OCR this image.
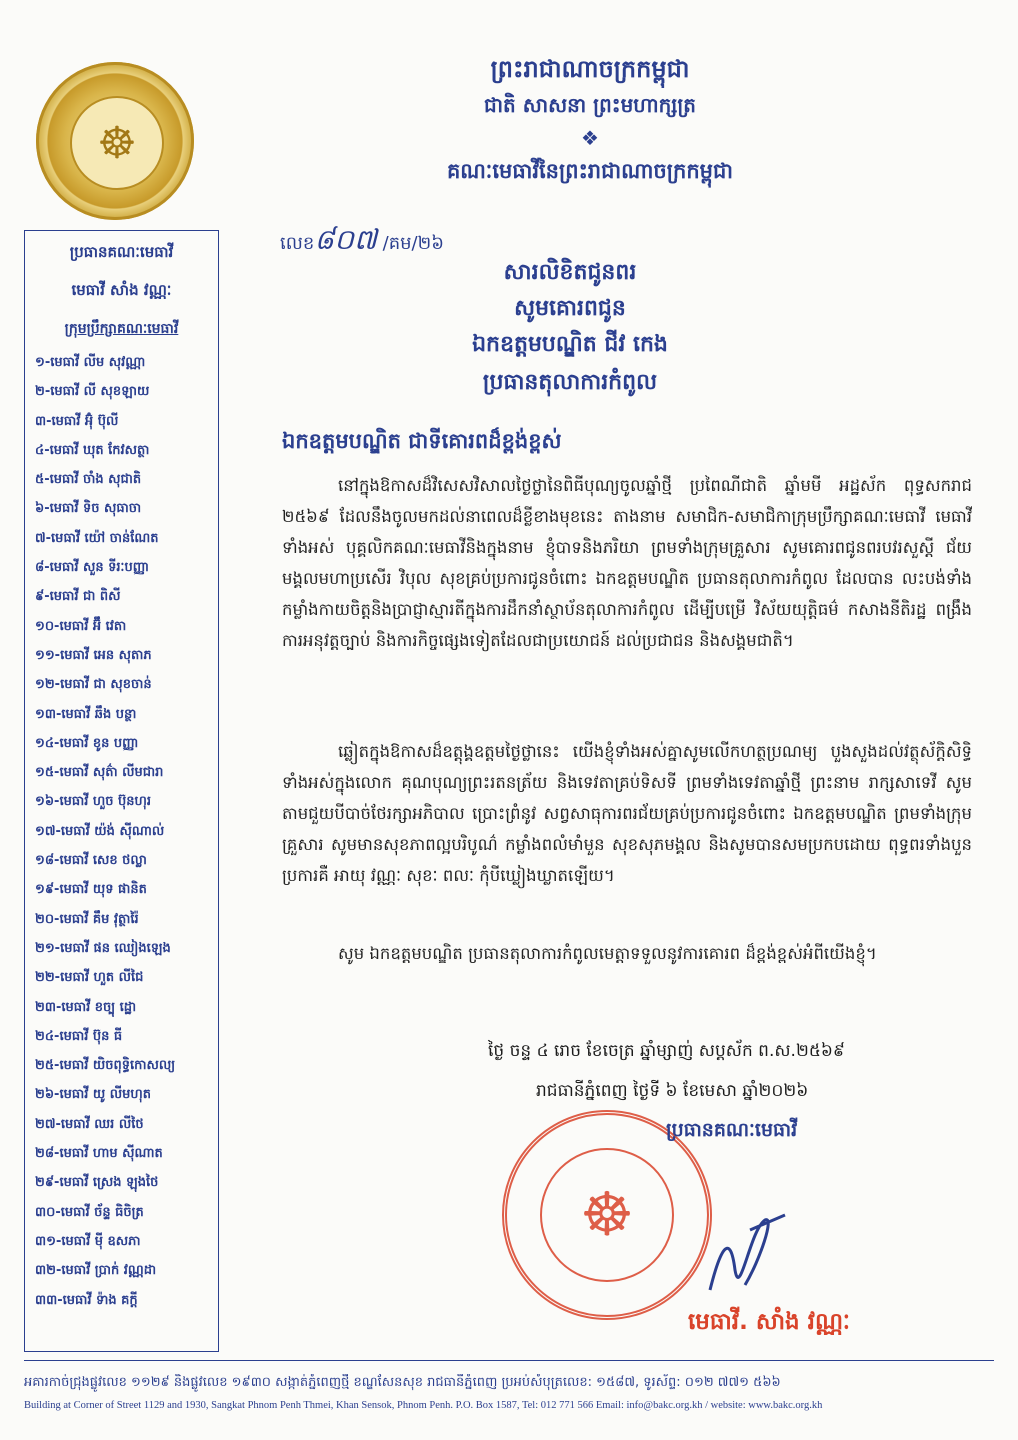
☸
ព្រះរាជាណាចក្រកម្ពុជា
ជាតិ សាសនា ព្រះមហាក្សត្រ
❖
គណៈមេធាវីនៃព្រះរាជាណាចក្រកម្ពុជា
ប្រធានគណៈមេធាវី
មេធាវី សាំង វណ្ណៈ
ក្រុមប្រឹក្សាគណៈមេធាវី
១-មេធាវី លីម សុវណ្ណា
២-មេធាវី លី សុខឡាយ
៣-មេធាវី អ៊ុំ ប៊ុលី
៤-មេធាវី ឃុត កែវសត្ថា
៥-មេធាវី ចាំង សុជាតិ
៦-មេធាវី ទិច សុធាចា
៧-មេធាវី យ៉ៅ ចាន់ណែត
៨-មេធាវី សួន ទីរៈបញ្ញា
៩-មេធាវី ជា ពិសី
១០-មេធាវី អ៊ឹ វេតា
១១-មេធាវី អេន សុតាភ
១២-មេធាវី ជា សុខចាន់
១៣-មេធាវី ឆឹង បន្ថា
១៤-មេធាវី ខូន បញ្ញា
១៥-មេធាវី សុត៌ា លីមជារា
១៦-មេធាវី ហួច ប៊ុនហុរ
១៧-មេធាវី យ៉ង់ ស៊ីណាល់
១៨-មេធាវី សេខ ថល្លា
១៩-មេធាវី យុទ ផានិត
២០-មេធាវី គឹម វុត្ថារ៉ៃ
២១-មេធាវី ផន ឈៀងឡេង
២២-មេធាវី ហួត លីជៃ
២៣-មេធាវី ខច្បុ ដ្ឋោ
២៤-មេធាវី ប៊ុន ធី
២៥-មេធាវី យិចពុទ្ធិកោសល្យ
២៦-មេធាវី យូ លីមហុត
២៧-មេធាវី ឈរ លីថៃ
២៨-មេធាវី ហាម ស៊ីណាត
២៩-មេធាវី ស្រេង ឡុងថៃ
៣០-មេធាវី ច័ន្ទ ធិចិត្រ
៣១-មេធាវី ម៉ី ឧសភា
៣២-មេធាវី ប្រាក់ វណ្ណដា
៣៣-មេធាវី ទ៉ាង គក្តី
លេខ៨០៧ /គម/២៦
សារលិខិតជូនពរ
សូមគោរពជូន
ឯកឧត្តមបណ្ឌិត ជីវ កេង
ប្រធានតុលាការកំពូល
ឯកឧត្តមបណ្ឌិត ជាទីគោរពដ៏ខ្ពង់ខ្ពស់
នៅក្នុងឱកាសដ៏វិសេសវិសាលថ្ងៃថ្លានៃពិធីបុណ្យចូលឆ្នាំថ្មី ប្រពៃណីជាតិ ឆ្នាំមមី អដ្ឋស័ក ពុទ្ធសករាជ ២៥៦៩ ដែលនឹងចូលមកដល់នាពេលដ៏ខ្លីខាងមុខនេះ តាងនាម សមាជិក-សមាជិកាក្រុមប្រឹក្សាគណៈមេធាវី មេធាវីទាំងអស់ បុគ្គលិកគណៈមេធាវីនិងក្នុងនាម ខ្ញុំបាទនិងភរិយា ព្រមទាំងក្រុមគ្រួសារ សូមគោរពជូនពរបវរសួស្តី ជ័យមង្គលមហាប្រសើរ វិបុល សុខគ្រប់ប្រការជូនចំពោះ ឯកឧត្តមបណ្ឌិត ប្រធានតុលាការកំពូល ដែលបាន លះបង់ទាំងកម្លាំងកាយចិត្តនិងប្រាជ្ញាស្មារតីក្នុងការដឹកនាំស្ថាប័នតុលាការកំពូល ដើម្បីបម្រើ វិស័យយុត្តិធម៌ កសាងនីតិរដ្ឋ ពង្រឹងការអនុវត្តច្បាប់ និងការកិច្ចផ្សេងទៀតដែលជាប្រយោជន៍ ដល់ប្រជាជន និងសង្គមជាតិ។
ឆ្លៀតក្នុងឱកាសដ៏ឧត្តុង្គឧត្តមថ្ងៃថ្លានេះ យើងខ្ញុំទាំងអស់គ្នាសូមលើកហត្ថប្រណម្យ បួងសួងដល់វត្ថុស័ក្តិសិទ្ធិទាំងអស់ក្នុងលោក គុណបុណ្យព្រះរតនត្រ័យ និងទេវតាគ្រប់ទិសទី ព្រមទាំងទេវតាឆ្នាំថ្មី ព្រះនាម រាក្សសាទេវី សូមតាមជួយបីបាច់ថែរក្សាអភិបាល ប្រោះព្រំនូវ សព្វសាធុការពរជ័យគ្រប់ប្រការជូនចំពោះ ឯកឧត្តមបណ្ឌិត ព្រមទាំងក្រុមគ្រួសារ សូមមានសុខភាពល្អបរិបូណ៌ កម្លាំងពលំមាំមួន សុខសុភមង្គល និងសូមបានសមប្រកបដោយ ពុទ្ធពរទាំងបួនប្រការគឺ អាយុ វណ្ណៈ សុខៈ ពលៈ កុំបីឃ្លៀងឃ្លាតឡើយ។
សូម ឯកឧត្តមបណ្ឌិត ប្រធានតុលាការកំពូលមេត្តាទទួលនូវការគោរព ដ៏ខ្ពង់ខ្ពស់អំពីយើងខ្ញុំ។
ថ្ងៃ ចន្ទ ៤ រោច ខែចេត្រ ឆ្នាំម្សាញ់ សប្តស័ក ព.ស.២៥៦៩
រាជធានីភ្នំពេញ ថ្ងៃទី ៦ ខែមេសា ឆ្នាំ២០២៦
☸
ប្រធានគណៈមេធាវី
មេធាវី. សាំង វណ្ណៈ
អគារកាច់ជ្រុងផ្លូវលេខ ១១២៩ និងផ្លូវលេខ ១៩៣០ សង្កាត់ភ្នំពេញថ្មី ខណ្ឌសែនសុខ រាជធានីភ្នំពេញ ប្រអប់សំបុត្រលេខ: ១៥៨៧, ទូរស័ព្ទ: ០១២ ៧៧១ ៥៦៦
Building at Corner of Street 1129 and 1930, Sangkat Phnom Penh Thmei, Khan Sensok, Phnom Penh. P.O. Box 1587, Tel: 012 771 566 Email: info@bakc.org.kh / website: www.bakc.org.kh
